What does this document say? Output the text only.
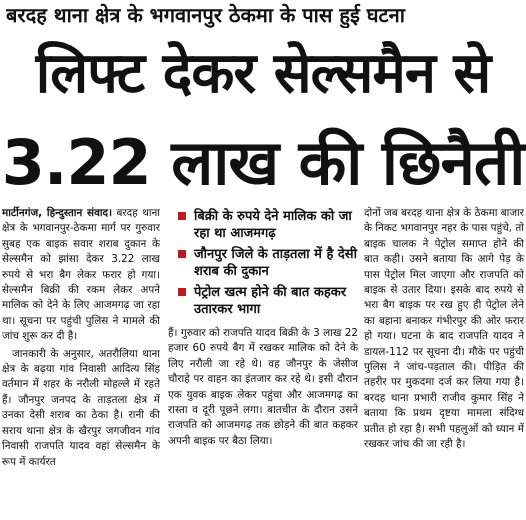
बरदह थाना क्षेत्र के भगवानपुर ठेकमा के पास हुई घटना
लिफ्ट देकर सेल्समैन से
3.22 लाख की छिनैती

मार्टीनगंज, हिन्दुस्तान संवाद। बरदह थाना क्षेत्र के भगवानपुर-ठेकमा मार्ग पर गुरुवार सुबह एक बाइक सवार शराब दुकान के सेल्समैन को झांसा देकर 3.22 लाख रुपये से भरा बैग लेकर फरार हो गया। सेल्समैन बिक्री की रकम लेकर अपने मालिक को देने के लिए आजमगढ़ जा रहा था। सूचना पर पहुंची पुलिस ने मामले की जांच शुरू कर दी है।

जानकारी के अनुसार, अतरौलिया थाना क्षेत्र के बढ़या गांव निवासी आदित्य सिंह वर्तमान में शहर के नरौली मोहल्ले में रहते हैं। जौनपुर जनपद के ताड़तला क्षेत्र में उनका देसी शराब का ठेका है। रानी की सराय थाना क्षेत्र के खैरपुर जगजीवन गांव निवासी राजपति यादव वहां सेल्समैन के रूप में कार्यरत

बिक्री के रुपये देने मालिक को जा रहा था आजमगढ़
जौनपुर जिले के ताड़तला में है देसी शराब की दुकान
पेट्रोल खत्म होने की बात कहकर उतारकर भागा

हैं। गुरुवार को राजपति यादव बिक्री के 3 लाख 22 हजार 60 रुपये बैग में रखकर मालिक को देने के लिए नरौली जा रहे थे। वह जौनपुर के जेसीज चौराहे पर वाहन का इंतजार कर रहे थे। इसी दौरान एक युवक बाइक लेकर पहुंचा और आजमगढ़ का रास्ता व दूरी पूछने लगा। बातचीत के दौरान उसने राजपति को आजमगढ़ तक छोड़ने की बात कहकर अपनी बाइक पर बैठा लिया।

दोनों जब बरदह थाना क्षेत्र के ठेकमा बाजार के निकट भगवानपुर नहर के पास पहुंचे, तो बाइक चालक ने पेट्रोल समाप्त होने की बात कही। उसने बताया कि आगे पेड़ के पास पेट्रोल मिल जाएगा और राजपति को बाइक से उतार दिया। इसके बाद रुपये से भरा बैग बाइक पर रख हुए ही पेट्रोल लेने का बहाना बनाकर गंभीरपुर की ओर फरार हो गया। घटना के बाद राजपति यादव ने डायल-112 पर सूचना दी। मौके पर पहुंची पुलिस ने जांच-पड़ताल की। पीड़ित की तहरीर पर मुकदमा दर्ज कर लिया गया है। बरदह थाना प्रभारी राजीव कुमार सिंह ने बताया कि प्रथम दृष्टया मामला संदिग्ध प्रतीत हो रहा है। सभी पहलुओं को ध्यान में रखकर जांच की जा रही है।
